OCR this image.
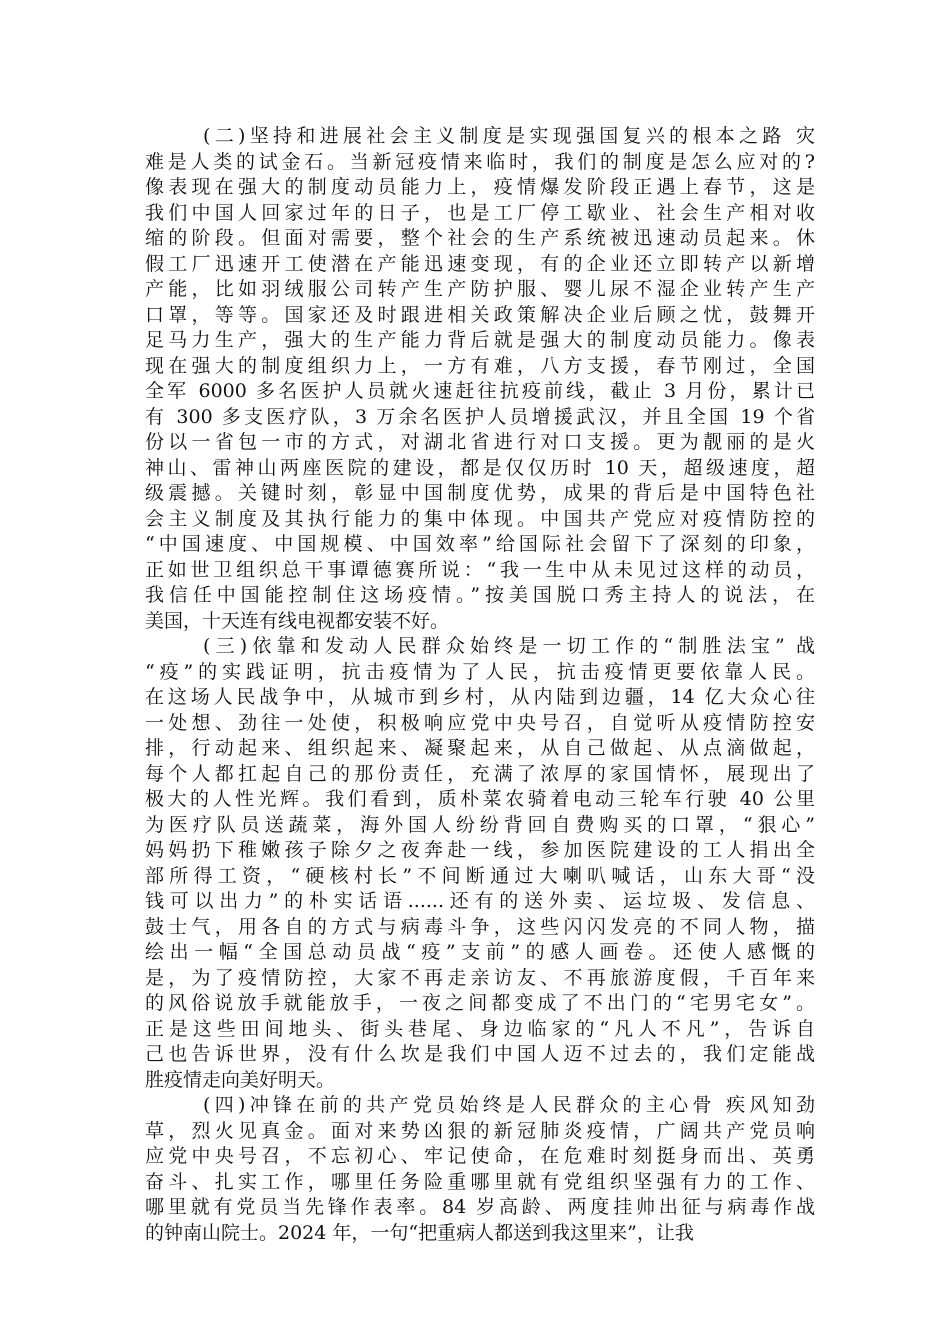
(二)坚持和进展社会主义制度是实现强国复兴的根本之路 灾
难是人类的试金石。当新冠疫情来临时，我们的制度是怎么应对的?
像表现在强大的制度动员能力上，疫情爆发阶段正遇上春节，这是
我们中国人回家过年的日子，也是工厂停工歇业、社会生产相对收
缩的阶段。但面对需要，整个社会的生产系统被迅速动员起来。休
假工厂迅速开工使潜在产能迅速变现，有的企业还立即转产以新增
产能，比如羽绒服公司转产生产防护服、婴儿尿不湿企业转产生产
口罩，等等。国家还及时跟进相关政策解决企业后顾之忧，鼓舞开
足马力生产，强大的生产能力背后就是强大的制度动员能力。像表
现在强大的制度组织力上，一方有难，八方支援，春节刚过，全国
全军 6000 多名医护人员就火速赶往抗疫前线，截止 3 月份，累计已
有 300 多支医疗队，3 万余名医护人员增援武汉，并且全国 19 个省
份以一省包一市的方式，对湖北省进行对口支援。更为靓丽的是火
神山、雷神山两座医院的建设，都是仅仅历时 10 天，超级速度，超
级震撼。关键时刻，彰显中国制度优势，成果的背后是中国特色社
会主义制度及其执行能力的集中体现。中国共产党应对疫情防控的
“中国速度、中国规模、中国效率”给国际社会留下了深刻的印象，
正如世卫组织总干事谭德赛所说：“我一生中从未见过这样的动员，
我信任中国能控制住这场疫情。”按美国脱口秀主持人的说法，在
美国，十天连有线电视都安装不好。
(三)依靠和发动人民群众始终是一切工作的“制胜法宝” 战
“疫”的实践证明，抗击疫情为了人民，抗击疫情更要依靠人民。
在这场人民战争中，从城市到乡村，从内陆到边疆，14 亿大众心往
一处想、劲往一处使，积极响应党中央号召，自觉听从疫情防控安
排，行动起来、组织起来、凝聚起来，从自己做起、从点滴做起，
每个人都扛起自己的那份责任，充满了浓厚的家国情怀，展现出了
极大的人性光辉。我们看到，质朴菜农骑着电动三轮车行驶 40 公里
为医疗队员送蔬菜，海外国人纷纷背回自费购买的口罩，“狠心”
妈妈扔下稚嫩孩子除夕之夜奔赴一线，参加医院建设的工人捐出全
部所得工资，“硬核村长”不间断通过大喇叭喊话，山东大哥“没
钱可以出力”的朴实话语......还有的送外卖、运垃圾、发信息、
鼓士气，用各自的方式与病毒斗争，这些闪闪发亮的不同人物，描
绘出一幅“全国总动员战“疫”支前”的感人画卷。还使人感慨的
是，为了疫情防控，大家不再走亲访友、不再旅游度假，千百年来
的风俗说放手就能放手，一夜之间都变成了不出门的“宅男宅女”。
正是这些田间地头、街头巷尾、身边临家的“凡人不凡”，告诉自
己也告诉世界，没有什么坎是我们中国人迈不过去的，我们定能战
胜疫情走向美好明天。
(四)冲锋在前的共产党员始终是人民群众的主心骨 疾风知劲
草，烈火见真金。面对来势凶狠的新冠肺炎疫情，广阔共产党员响
应党中央号召，不忘初心、牢记使命，在危难时刻挺身而出、英勇
奋斗、扎实工作，哪里任务险重哪里就有党组织坚强有力的工作、
哪里就有党员当先锋作表率。84 岁高龄、两度挂帅出征与病毒作战
的钟南山院士。2024 年，一句“把重病人都送到我这里来”，让我
